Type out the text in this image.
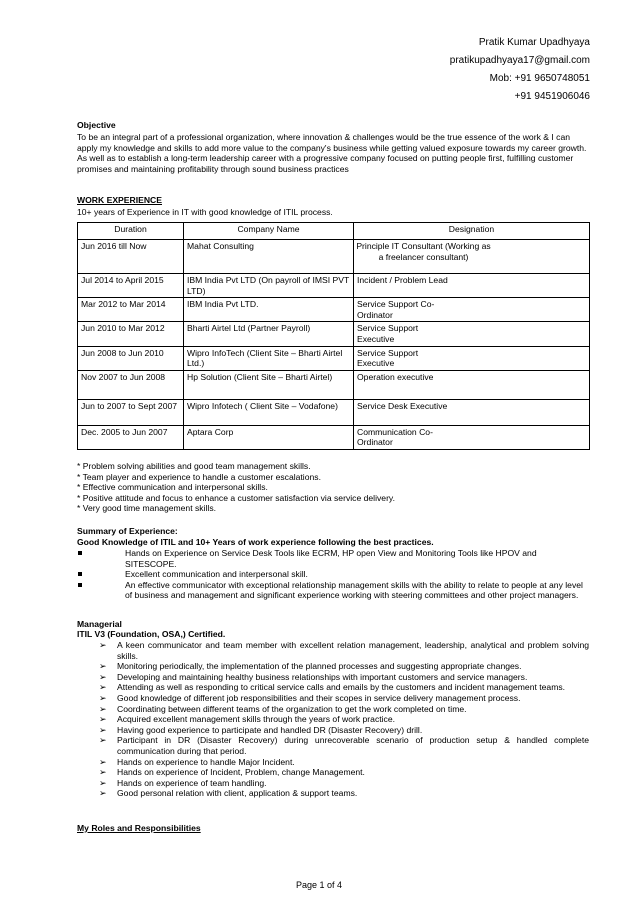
Pratik Kumar Upadhyaya
pratikupadhyaya17@gmail.com
Mob: +91 9650748051
+91 9451906046
Objective
To be an integral part of a professional organization, where innovation & challenges would be the true essence of the work & I can apply my knowledge and skills to add more value to the company's business while getting valued exposure towards my career growth. As well as to establish a long-term leadership career with a progressive company focused on putting people first, fulfilling customer promises and maintaining profitability through sound business practices
WORK EXPERIENCE
10+ years of Experience in IT with good knowledge of ITIL process.
Duration	Company Name	Designation
Jun 2016 till Now	Mahat Consulting	Principle IT Consultant (Working as a freelancer consultant)
Jul 2014 to April 2015	IBM India Pvt LTD (On payroll of IMSI PVT LTD)	Incident / Problem Lead
Mar 2012 to Mar 2014	IBM India Pvt LTD.	Service Support Co-Ordinator

Jun 2010 to Mar 2012	Bharti Airtel Ltd (Partner Payroll)	Service Support Executive

Jun 2008 to Jun 2010	Wipro InfoTech (Client Site – Bharti Airtel Ltd.)	Service Support Executive

Nov 2007 to Jun 2008	Hp Solution (Client Site – Bharti Airtel)	Operation executive
Jun to 2007 to Sept 2007	Wipro Infotech ( Client Site – Vodafone)	Service Desk Executive
Dec. 2005 to Jun 2007	Aptara Corp	Communication Co-Ordinator
* Problem solving abilities and good team management skills.
* Team player and experience to handle a customer escalations.
* Effective communication and interpersonal skills.
* Positive attitude and focus to enhance a customer satisfaction via service delivery.
* Very good time management skills.
Summary of Experience:
Good Knowledge of ITIL and 10+ Years of work experience following the best practices.
Hands on Experience on Service Desk Tools like ECRM, HP open View and Monitoring Tools like HPOV and SITESCOPE.
Excellent communication and interpersonal skill.
An effective communicator with exceptional relationship management skills with the ability to relate to people at any level of business and management and significant experience working with steering committees and other project managers.
Managerial
ITIL V3 (Foundation, OSA,) Certified.
➢ A keen communicator and team member with excellent relation management, leadership, analytical and problem solving skills.
➢ Monitoring periodically, the implementation of the planned processes and suggesting appropriate changes.
➢ Developing and maintaining healthy business relationships with important customers and service managers.
➢ Attending as well as responding to critical service calls and emails by the customers and incident management teams.
➢ Good knowledge of different job responsibilities and their scopes in service delivery management process.
➢ Coordinating between different teams of the organization to get the work completed on time.
➢ Acquired excellent management skills through the years of work practice.
➢ Having good experience to participate and handled DR (Disaster Recovery) drill.
➢ Participant in DR (Disaster Recovery) during unrecoverable scenario of production setup & handled complete communication during that period.
➢ Hands on experience to handle Major Incident.
➢ Hands on experience of Incident, Problem, change Management.
➢ Hands on experience of team handling.
➢ Good personal relation with client, application & support teams.
My Roles and Responsibilities
Page 1 of 4
